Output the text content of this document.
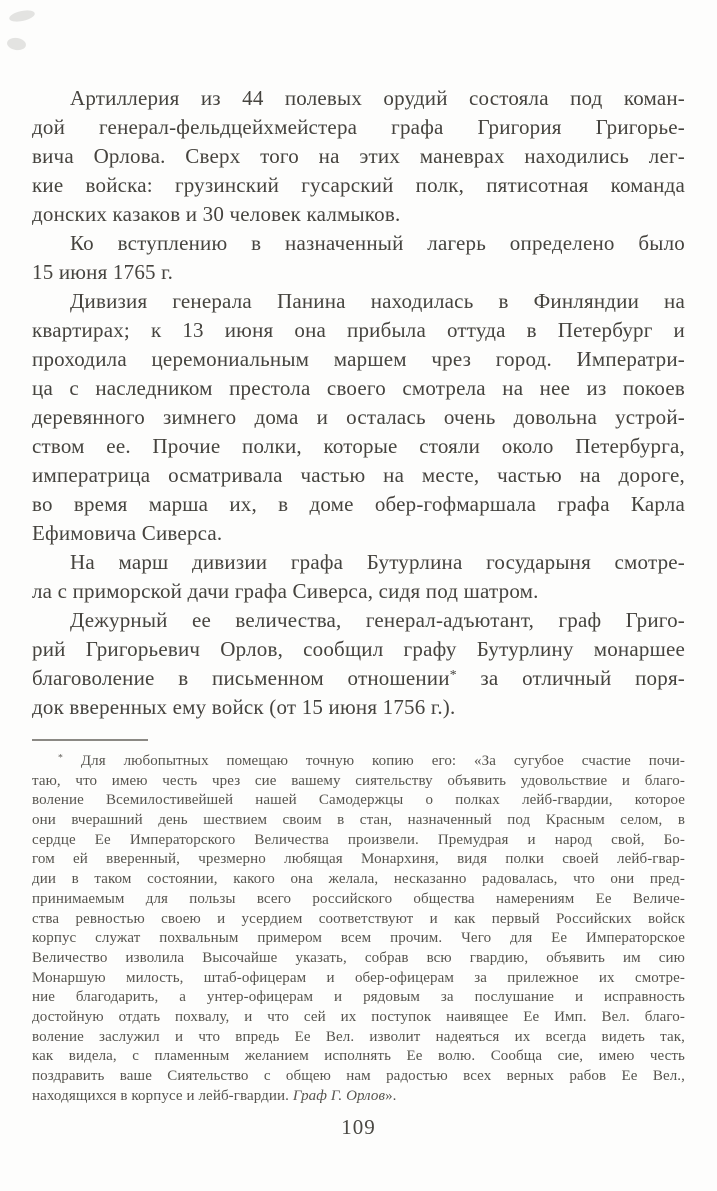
Артиллерия из 44 полевых орудий состояла под коман-
дой генерал-фельдцейхмейстера графа Григория Григорье-
вича Орлова. Сверх того на этих маневрах находились лег-
кие войска: грузинский гусарский полк, пятисотная команда
донских казаков и 30 человек калмыков.
Ко вступлению в назначенный лагерь определено было
15 июня 1765 г.
Дивизия генерала Панина находилась в Финляндии на
квартирах; к 13 июня она прибыла оттуда в Петербург и
проходила церемониальным маршем чрез город. Императри-
ца с наследником престола своего смотрела на нее из покоев
деревянного зимнего дома и осталась очень довольна устрой-
ством ее. Прочие полки, которые стояли около Петербурга,
императрица осматривала частью на месте, частью на дороге,
во время марша их, в доме обер-гофмаршала графа Карла
Ефимовича Сиверса.
На марш дивизии графа Бутурлина государыня смотре-
ла с приморской дачи графа Сиверса, сидя под шатром.
Дежурный ее величества, генерал-адъютант, граф Григо-
рий Григорьевич Орлов, сообщил графу Бутурлину монаршее
благоволение в письменном отношении* за отличный поря-
док вверенных ему войск (от 15 июня 1756 г.).
* Для любопытных помещаю точную копию его: «За сугубое счастие почи-
таю, что имею честь чрез сие вашему сиятельству объявить удовольствие и благо-
воление Всемилостивейшей нашей Самодержцы о полках лейб-гвардии, которое
они вчерашний день шествием своим в стан, назначенный под Красным селом, в
сердце Ее Императорского Величества произвели. Премудрая и народ свой, Бо-
гом ей вверенный, чрезмерно любящая Монархиня, видя полки своей лейб-гвар-
дии в таком состоянии, какого она желала, несказанно радовалась, что они пред-
принимаемым для пользы всего российского общества намерениям Ее Величе-
ства ревностью своею и усердием соответствуют и как первый Российских войск
корпус служат похвальным примером всем прочим. Чего для Ее Императорское
Величество изволила Высочайше указать, собрав всю гвардию, объявить им сию
Монаршую милость, штаб-офицерам и обер-офицерам за прилежное их смотре-
ние благодарить, а унтер-офицерам и рядовым за послушание и исправность
достойную отдать похвалу, и что сей их поступок наивящее Ее Имп. Вел. благо-
воление заслужил и что впредь Ее Вел. изволит надеяться их всегда видеть так,
как видела, с пламенным желанием исполнять Ее волю. Сообща сие, имею честь
поздравить ваше Сиятельство с общею нам радостью всех верных рабов Ее Вел.,
находящихся в корпусе и лейб-гвардии. Граф Г. Орлов».
109
